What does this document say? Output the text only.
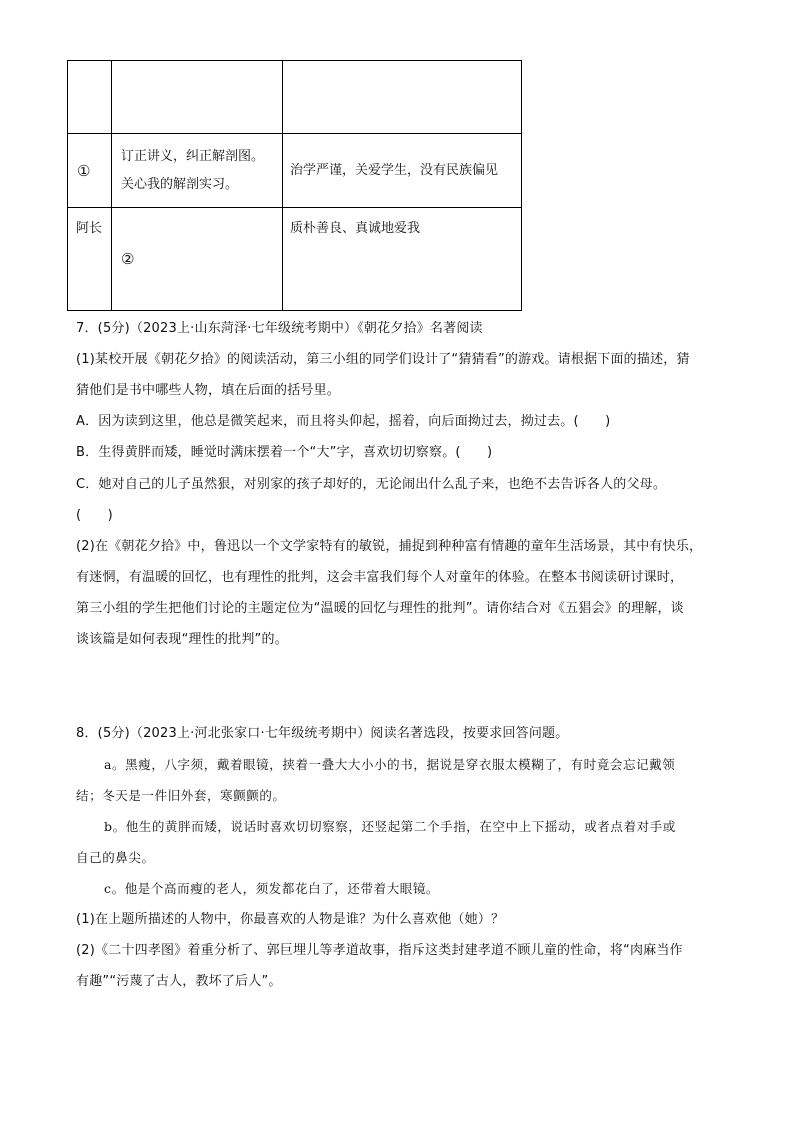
①	订正讲义，纠正解剖图。
关心我的解剖实习。	治学严谨，关爱学生，没有民族偏见

阿长	②	质朴善良、真诚地爱我
7．(5分)（2023上·山东菏泽·七年级统考期中）《朝花夕拾》名著阅读
(1)某校开展《朝花夕拾》的阅读活动，第三小组的同学们设计了“猜猜看”的游戏。请根据下面的描述，猜
猜他们是书中哪些人物，填在后面的括号里。
A．因为读到这里，他总是微笑起来，而且将头仰起，摇着，向后面拗过去，拗过去。(　　)
B．生得黄胖而矮，睡觉时满床摆着一个“大”字，喜欢切切察察。(　　)
C．她对自己的儿子虽然狠，对别家的孩子却好的，无论闹出什么乱子来，也绝不去告诉各人的父母。
(　　)
(2)在《朝花夕拾》中，鲁迅以一个文学家特有的敏锐，捕捉到种种富有情趣的童年生活场景，其中有快乐，
有迷惘，有温暖的回忆，也有理性的批判，这会丰富我们每个人对童年的体验。在整本书阅读研讨课时，
第三小组的学生把他们讨论的主题定位为“温暖的回忆与理性的批判”。请你结合对《五猖会》的理解，谈
谈该篇是如何表现“理性的批判”的。
8．(5分)（2023上·河北张家口·七年级统考期中）阅读名著选段，按要求回答问题。
a。黑瘦，八字须，戴着眼镜，挟着一叠大大小小的书，据说是穿衣服太模糊了，有时竟会忘记戴领
结；冬天是一件旧外套，寒颤颤的。
b。他生的黄胖而矮，说话时喜欢切切察察，还竖起第二个手指，在空中上下摇动，或者点着对手或
自己的鼻尖。
c。他是个高而瘦的老人，须发都花白了，还带着大眼镜。
(1)在上题所描述的人物中，你最喜欢的人物是谁？为什么喜欢他（她）？
(2)《二十四孝图》着重分析了、郭巨埋儿等孝道故事，指斥这类封建孝道不顾儿童的性命，将“肉麻当作
有趣”“污蔑了古人，教坏了后人”。
